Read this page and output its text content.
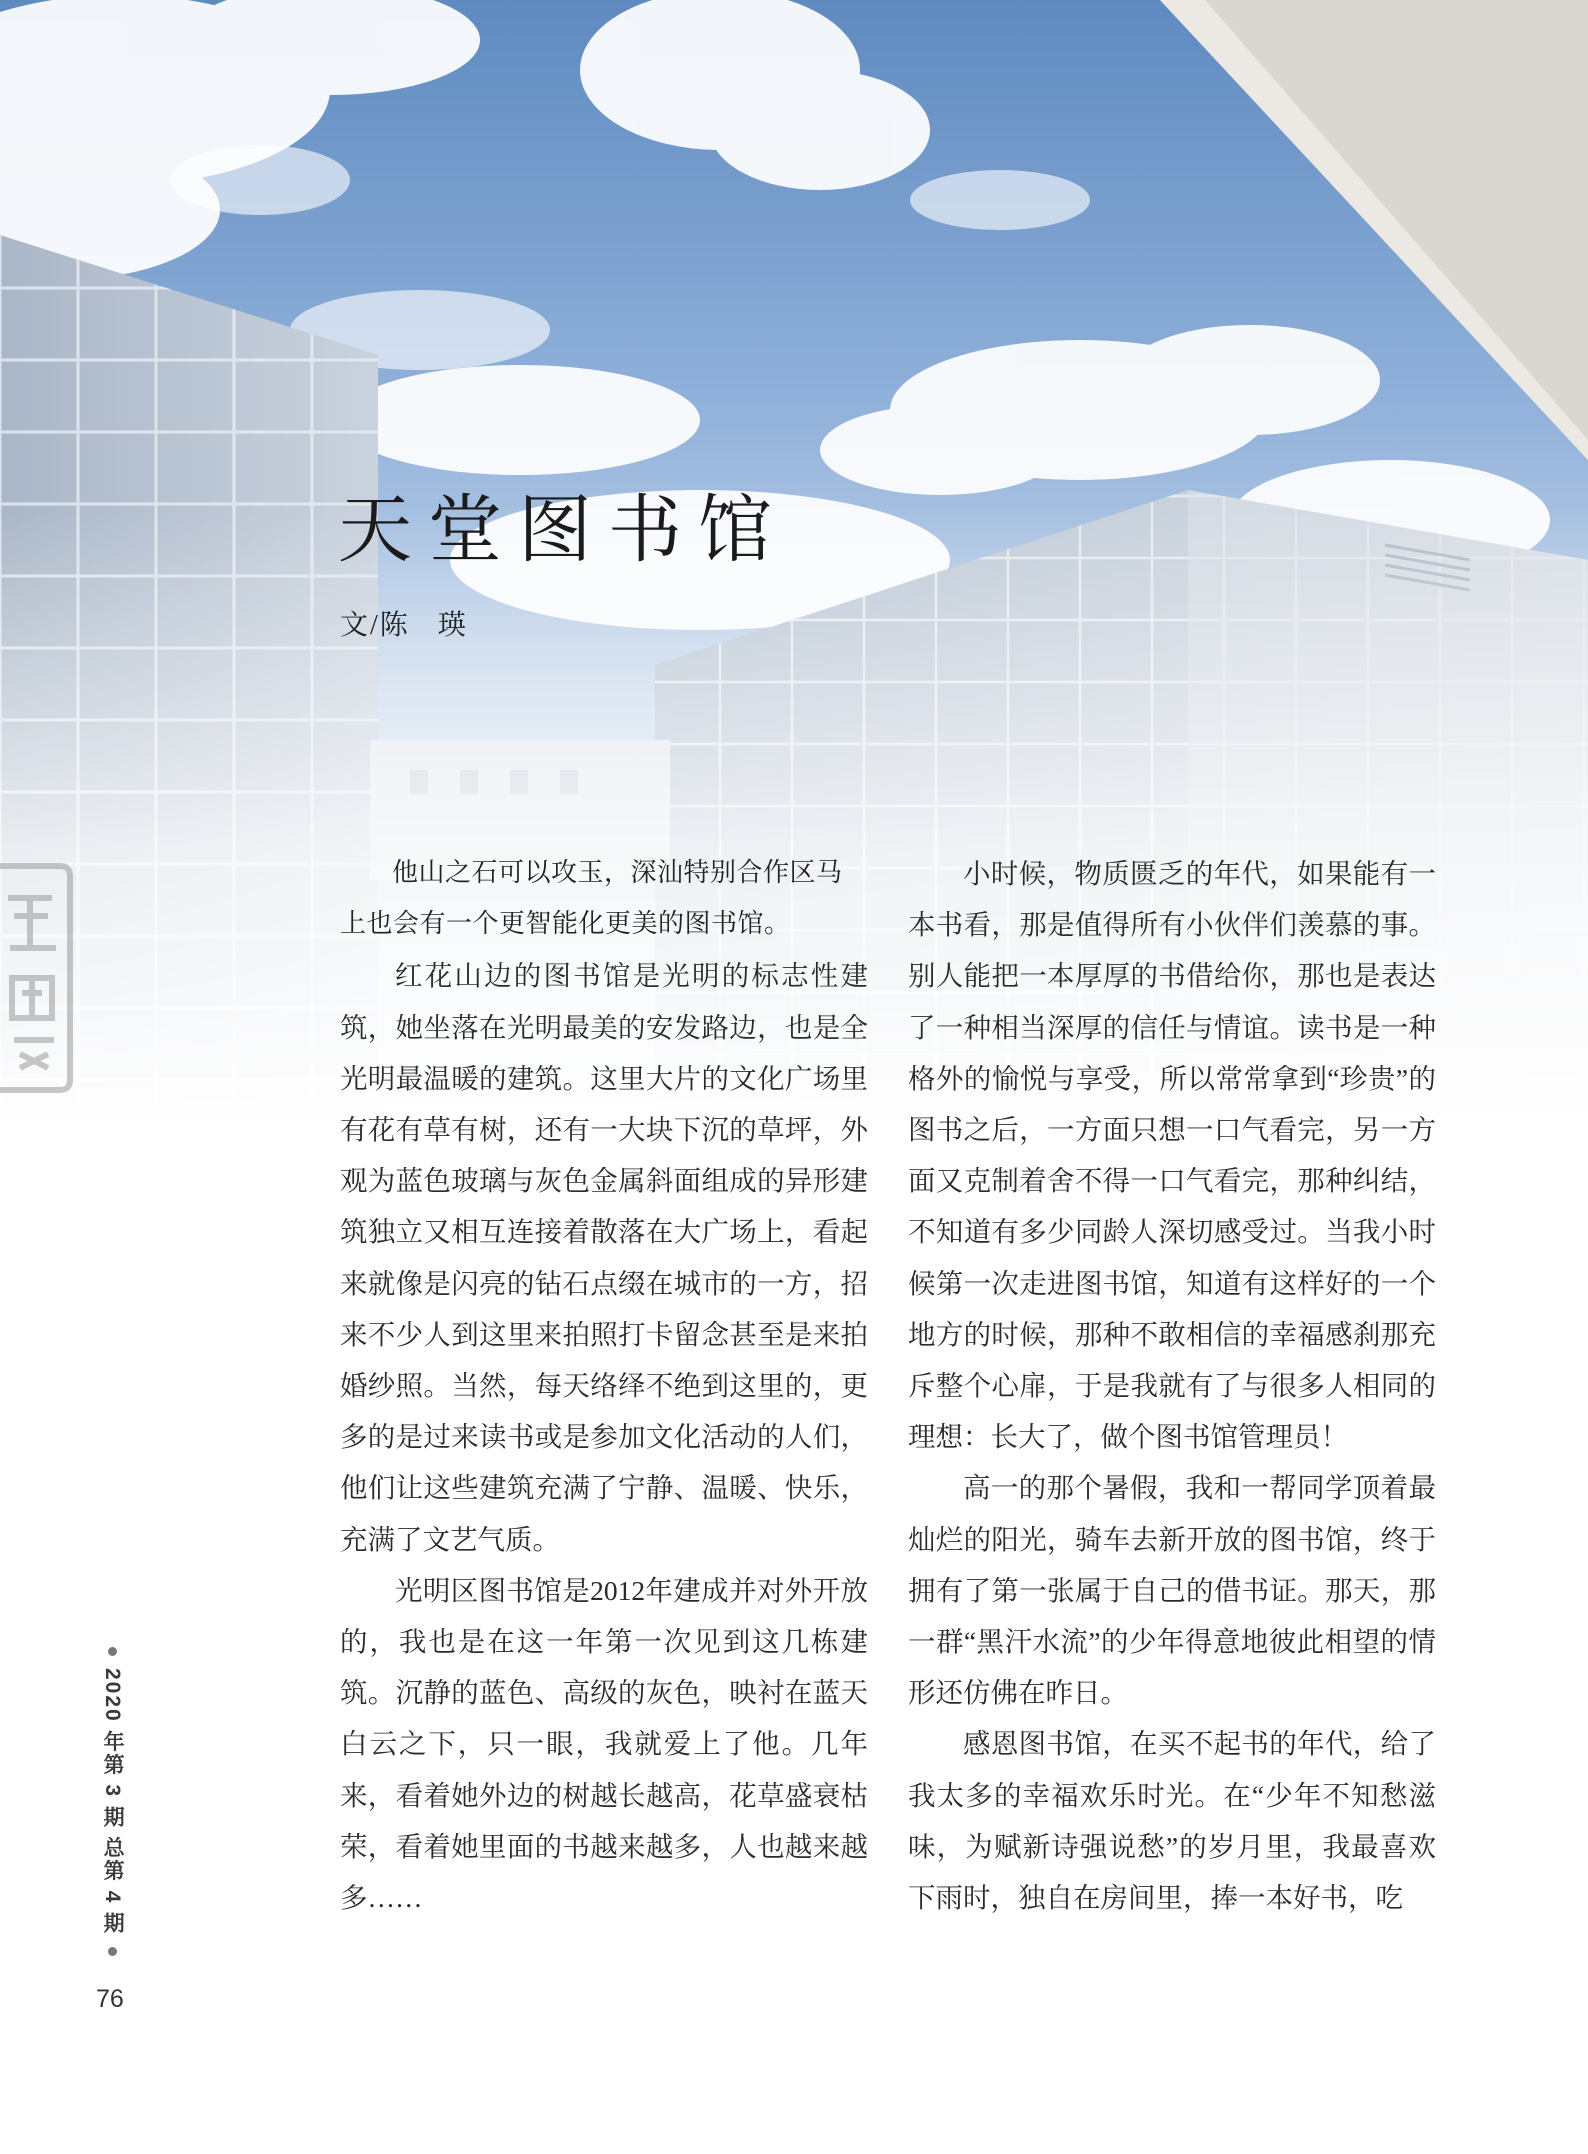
天堂图书馆
文/陈 瑛

他山之石可以攻玉，深汕特别合作区马

上也会有一个更智能化更美的图书馆。

红花山边的图书馆是光明的标志性建筑，她坐落在光明最美的安发路边，也是全光明最温暖的建筑。这里大片的文化广场里有花有草有树，还有一大块下沉的草坪，外观为蓝色玻璃与灰色金属斜面组成的异形建筑独立又相互连接着散落在大广场上，看起来就像是闪亮的钻石点缀在城市的一方，招来不少人到这里来拍照打卡留念甚至是来拍婚纱照。当然，每天络绎不绝到这里的，更多的是过来读书或是参加文化活动的人们，他们让这些建筑充满了宁静、温暖、快乐，充满了文艺气质。

光明区图书馆是2012年建成并对外开放的，我也是在这一年第一次见到这几栋建筑。沉静的蓝色、高级的灰色，映衬在蓝天白云之下，只一眼，我就爱上了他。几年来，看着她外边的树越长越高，花草盛衰枯荣，看着她里面的书越来越多，人也越来越多……

小时候，物质匮乏的年代，如果能有一本书看，那是值得所有小伙伴们羡慕的事。别人能把一本厚厚的书借给你，那也是表达了一种相当深厚的信任与情谊。读书是一种格外的愉悦与享受，所以常常拿到“珍贵”的图书之后，一方面只想一口气看完，另一方面又克制着舍不得一口气看完，那种纠结，不知道有多少同龄人深切感受过。当我小时候第一次走进图书馆，知道有这样好的一个地方的时候，那种不敢相信的幸福感刹那充斥整个心扉，于是我就有了与很多人相同的理想：长大了，做个图书馆管理员！

高一的那个暑假，我和一帮同学顶着最灿烂的阳光，骑车去新开放的图书馆，终于拥有了第一张属于自己的借书证。那天，那一群“黑汗水流”的少年得意地彼此相望的情形还仿佛在昨日。

感恩图书馆，在买不起书的年代，给了我太多的幸福欢乐时光。在“少年不知愁滋味，为赋新诗强说愁”的岁月里，我最喜欢下雨时，独自在房间里，捧一本好书，吃

2020 年第 3 期 总第 4 期
76
